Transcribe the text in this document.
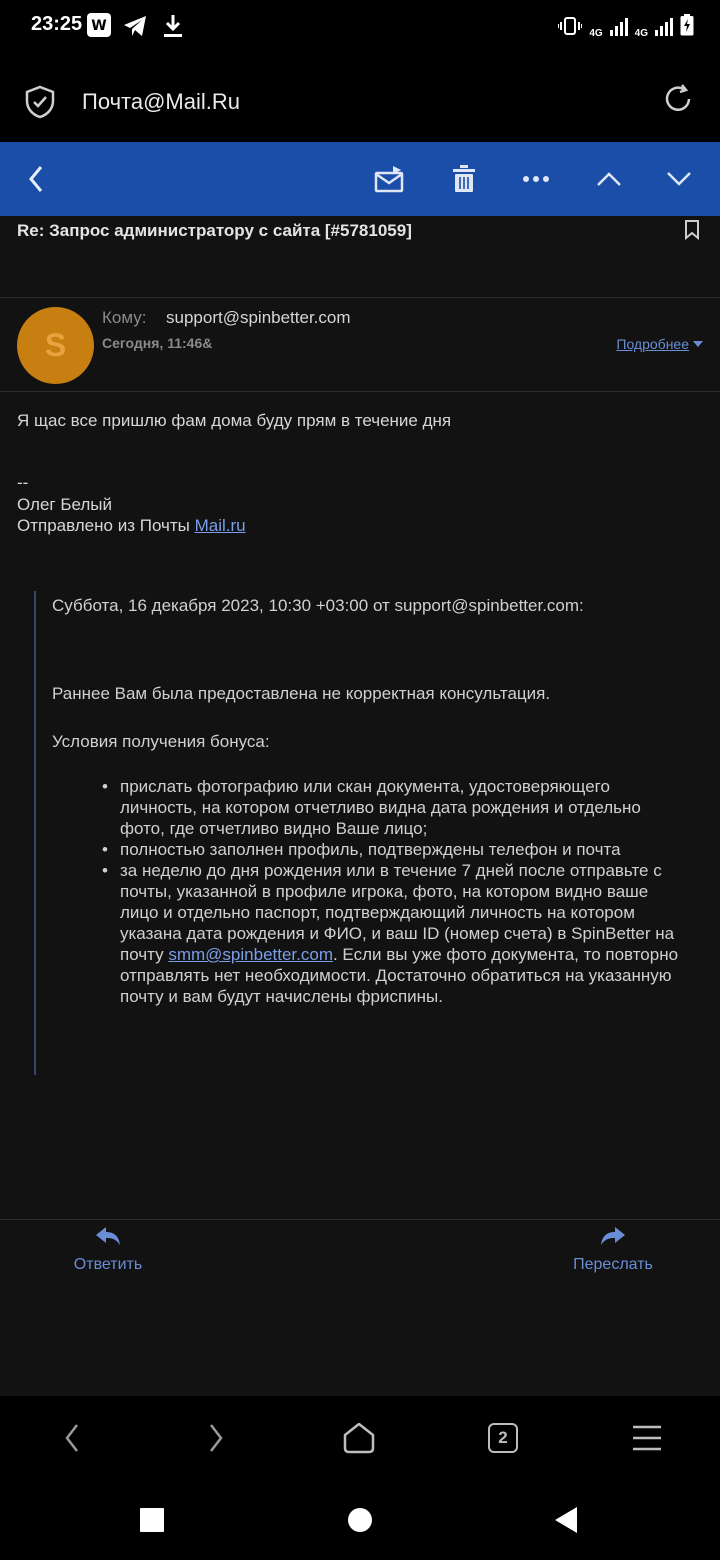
23:25 W	4G	4G
Почта@Mail.Ru
Re: Запрос администратору с сайта [#5781059]
S
Кому: support@spinbetter.com
Сегодня, 11:46&	Подробнее
Я щас все пришлю фам дома буду прям в течение дня
--
Олег Белый
Отправлено из Почты Mail.ru
Суббота, 16 декабря 2023, 10:30 +03:00 от support@spinbetter.com:
Раннее Вам была предоставлена не корректная консультация.
Условия получения бонуса:
• прислать фотографию или скан документа, удостоверяющего личность, на котором отчетливо видна дата рождения и отдельно фото, где отчетливо видно Ваше лицо;
• полностью заполнен профиль, подтверждены телефон и почта
• за неделю до дня рождения или в течение 7 дней после отправьте с почты, указанной в профиле игрока, фото, на котором видно ваше лицо и отдельно паспорт, подтверждающий личность на котором указана дата рождения и ФИО, и ваш ID (номер счета) в SpinBetter на почту smm@spinbetter.com. Если вы уже фото документа, то повторно отправлять нет необходимости. Достаточно обратиться на указанную почту и вам будут начислены фриспины.
Ответить	Переслать
2
